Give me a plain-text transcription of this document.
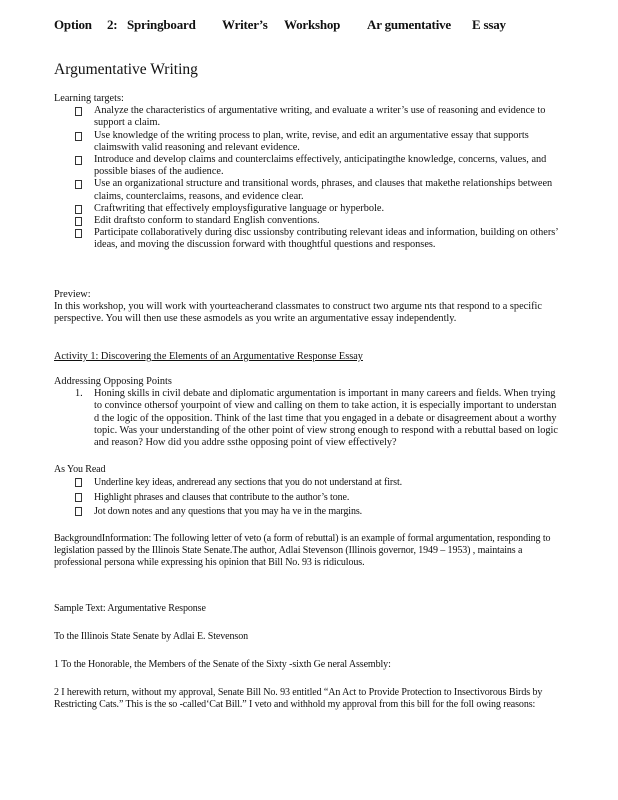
Option 2: Springboard Writer’s Workshop Ar gumentative E ssay
Argumentative Writing
Learning targets:
Analyze the characteristics of argumentative writing, and evaluate a writer’s use of reasoning and evidence to support a claim.
Use knowledge of the writing process to plan, write, revise, and edit an argumentative essay that supports claimswith valid reasoning and relevant evidence.
Introduce and develop claims and counterclaims effectively, anticipatingthe knowledge, concerns, values, and possible biases of the audience.
Use an organizational structure and transitional words, phrases, and clauses that makethe relationships between claims, counterclaims, reasons, and evidence clear.
Craftwriting that effectively employsfigurative language or hyperbole.
Edit draftsto conform to standard English conventions.
Participate collaboratively during disc ussionsby contributing relevant ideas and information, building on others’ ideas, and moving the discussion forward with thoughtful questions and responses.
Preview:
In this workshop, you will work with yourteacherand classmates to construct two argume nts that respond to a specific perspective. You will then use these asmodels as you write an argumentative essay independently.
Activity 1: Discovering the Elements of an Argumentative Response Essay
Addressing Opposing Points
1. Honing skills in civil debate and diplomatic argumentation is important in many careers and fields. When trying to convince othersof yourpoint of view and calling on them to take action, it is especially important to understan d the logic of the opposition. Think of the last time that you engaged in a debate or disagreement about a worthy topic. Was your understanding of the other point of view strong enough to respond with a rebuttal based on logic and reason? How did you addre ssthe opposing point of view effectively?
As You Read
Underline key ideas, andreread any sections that you do not understand at first.
Highlight phrases and clauses that contribute to the author’s tone.
Jot down notes and any questions that you may ha ve in the margins.
BackgroundInformation: The following letter of veto (a form of rebuttal) is an example of formal argumentation, responding to legislation passed by the Illinois State Senate.The author, Adlai Stevenson (Illinois governor, 1949 – 1953) , maintains a professional persona while expressing his opinion that Bill No. 93 is ridiculous.
Sample Text: Argumentative Response
To the Illinois State Senate by Adlai E. Stevenson
1 To the Honorable, the Members of the Senate of the Sixty -sixth Ge neral Assembly:
2 I herewith return, without my approval, Senate Bill No. 93 entitled “An Act to Provide Protection to Insectivorous Birds by Restricting Cats.” This is the so -called‘Cat Bill.” I veto and withhold my approval from this bill for the foll owing reasons:
